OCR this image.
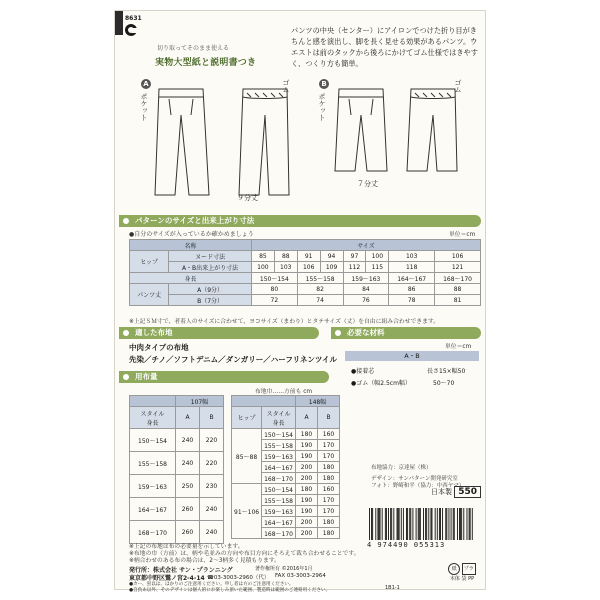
8631
切り取ってそのまま使える
実物大型紙と説明書つき
パンツの中央（センター）にアイロンでつけた折り目がきちんと感を演出し、脚を長く見せる効果があるパンツ。ウエストは前のタックから後ろにかけてゴム仕様ではきやすく、つくり方も簡単。
A
ポケット
ゴム
９分丈
B
ポケット
ゴム
７分丈
パターンのサイズと出来上がり寸法
●自分のサイズが入っているか確かめましょう	単位＝cm
名称		サイズ							
ヒップ	ヌード寸法	85	88	91	94	97	100	103	106
	A・B出来上がり寸法	100	103	106	109	112	115	118	121
身長		150〜154		155〜158		159〜163		164〜167	168〜170
パンツ丈	A（9分）	80		82		84		86	88
	B（7分）	72		74		76		78	81
※上記ＳＭ寸で、者着人のサイズに合わせて、ヨコサイズ（まわり）とタテサイズ（丈）を自由に組み合わせできます。
適した布地
中肉タイプの布地
先染／チノ／ソフトデニム／ダンガリー／ハーフリネンツイル
必要な材料
単位＝cm
A・B
●接着芯	長さ15×幅50
●ゴム（幅2.5cm幅）	50〜70
用布量
布地巾……方前も cm
	107幅	
スタイル
身長	A	B
150〜154	240	220
155〜158	240	220
159〜163	250	230
164〜167	260	240
168〜170	260	240
		148幅	
ヒップ	スタイル
身長	A	B
85〜88	150〜154	180	160
	155〜158	190	170
	159〜163	190	170
	164〜167	200	180
	168〜170	200	180
91〜106	150〜154	180	160
	155〜158	190	170
	159〜163	190	170
	164〜167	200	180
	168〜170	200	180
※上記の布地は布の必要量を示しています。
※布地の巾（方前）は、柄や毛並みの方向や布目方向にそろえて裁ち合わせることです。
※柄合わせのある布の場合は、2〜3柄多く見積もります。
布地協力：京達屋（株）
デザイン：サンパターン開発研究室
フォト：野崎和平（協力：中西ヤマ）
日本製 550
4 974490 055313
発行所：株式会社 サン・プランニング	著作権所有 ©2016年1月
東京都中野区鷺ノ宮2-4-14 ☎03-3003-2960（代） FAX 03-3003-2964
●カー、蛍以は、はかりのご注意用ください。申し者は方のご注意用ください。
●自負あ以外、そのデザインは個人的にお楽しみ頂いた範囲、製造時は範囲のご連絡用ください。	1B1-1
紙 プラ
本体 袋 PP
